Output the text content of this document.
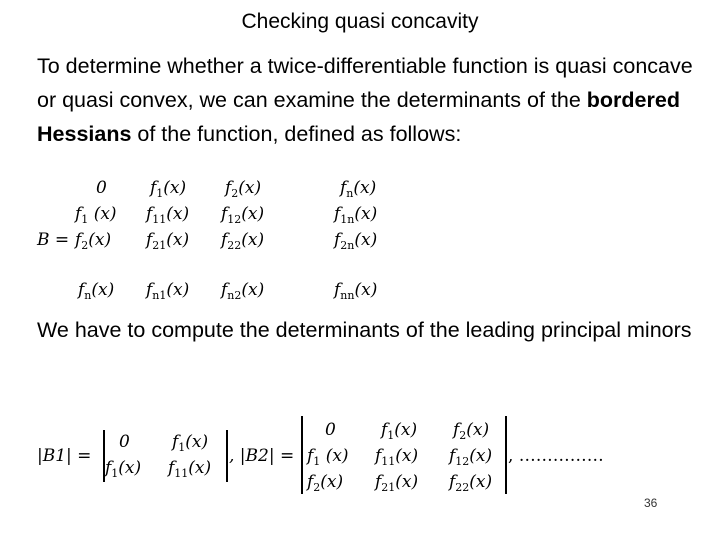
Checking quasi concavity
To determine whether a twice-differentiable function is quasi concave or quasi convex, we can examine the determinants of the bordered Hessians of the function, defined as follows:
B =
0	$f_1(x)$ $f_2(x)$	$f_n(x)$
$f_1$ (x) $f_{11}(x)$ $f_{12}(x)$	$f_{1n}(x)$
$f_2(x)$ $f_{21}(x)$ $f_{22}(x)$	$f_{2n}(x)$
$f_n(x)$ $f_{n1}(x)$ $f_{n2}(x)$	$f_{nn}(x)$
We have to compute the determinants of the leading principal minors
|B1| =
0 $f_1(x)$
$f_1(x)$ $f_{11}(x)$
, |B2| =
0	$f_1(x)$ $f_2(x)$
$f_1$ (x) $f_{11}(x)$ $f_{12}(x)$
$f_2(x)$ $f_{21}(x)$ $f_{22}(x)$
, ……………
36
